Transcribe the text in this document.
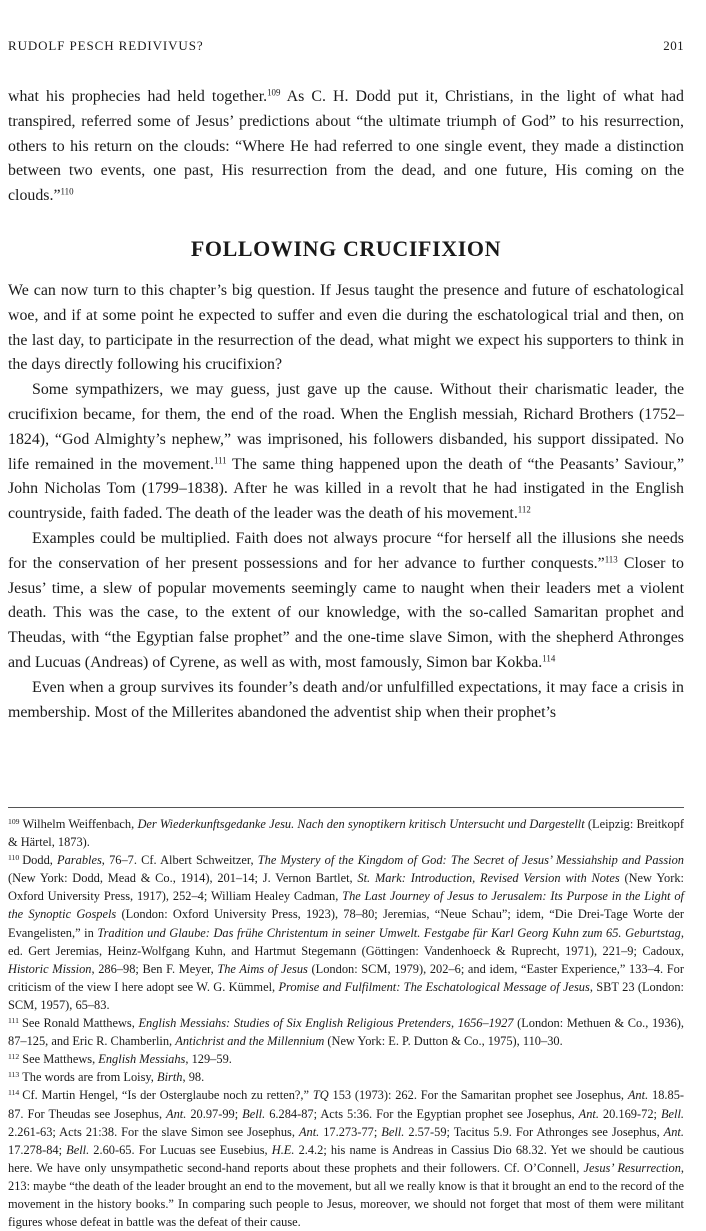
RUDOLF PESCH REDIVIVUS?	201

what his prophecies had held together.$^{109}$ As C. H. Dodd put it, Christians, in the light of what had transpired, referred some of Jesus’ predictions about “the ultimate triumph of God” to his resurrection, others to his return on the clouds: “Where He had referred to one single event, they made a distinction between two events, one past, His resurrection from the dead, and one future, His coming on the clouds.”$^{110}$

FOLLOWING CRUCIFIXION

We can now turn to this chapter’s big question. If Jesus taught the presence and future of eschatological woe, and if at some point he expected to suffer and even die during the eschatological trial and then, on the last day, to participate in the resurrection of the dead, what might we expect his supporters to think in the days directly following his crucifixion?

Some sympathizers, we may guess, just gave up the cause. Without their charismatic leader, the crucifixion became, for them, the end of the road. When the English messiah, Richard Brothers (1752–1824), “God Almighty’s nephew,” was imprisoned, his followers disbanded, his support dissipated. No life remained in the movement.$^{111}$ The same thing happened upon the death of “the Peasants’ Saviour,” John Nicholas Tom (1799–1838). After he was killed in a revolt that he had instigated in the English countryside, faith faded. The death of the leader was the death of his movement.$^{112}$

Examples could be multiplied. Faith does not always procure “for herself all the illusions she needs for the conservation of her present possessions and for her advance to further conquests.”$^{113}$ Closer to Jesus’ time, a slew of popular movements seemingly came to naught when their leaders met a violent death. This was the case, to the extent of our knowledge, with the so-called Samaritan prophet and Theudas, with “the Egyptian false prophet” and the one-time slave Simon, with the shepherd Athronges and Lucuas (Andreas) of Cyrene, as well as with, most famously, Simon bar Kokba.$^{114}$

Even when a group survives its founder’s death and/or unfulfilled expectations, it may face a crisis in membership. Most of the Millerites abandoned the adventist ship when their prophet’s

$^{109}$ Wilhelm Weiffenbach, Der Wiederkunftsgedanke Jesu. Nach den synoptikern kritisch Untersucht und Dargestellt (Leipzig: Breitkopf & Härtel, 1873).

$^{110}$ Dodd, Parables, 76–7. Cf. Albert Schweitzer, The Mystery of the Kingdom of God: The Secret of Jesus’ Messiahship and Passion (New York: Dodd, Mead & Co., 1914), 201–14; J. Vernon Bartlet, St. Mark: Introduction, Revised Version with Notes (New York: Oxford University Press, 1917), 252–4; William Healey Cadman, The Last Journey of Jesus to Jerusalem: Its Purpose in the Light of the Synoptic Gospels (London: Oxford University Press, 1923), 78–80; Jeremias, “Neue Schau”; idem, “Die Drei-Tage Worte der Evangelisten,” in Tradition und Glaube: Das frühe Christentum in seiner Umwelt. Festgabe für Karl Georg Kuhn zum 65. Geburtstag, ed. Gert Jeremias, Heinz-Wolfgang Kuhn, and Hartmut Stegemann (Göttingen: Vandenhoeck & Ruprecht, 1971), 221–9; Cadoux, Historic Mission, 286–98; Ben F. Meyer, The Aims of Jesus (London: SCM, 1979), 202–6; and idem, “Easter Experience,” 133–4. For criticism of the view I here adopt see W. G. Kümmel, Promise and Fulfilment: The Eschatological Message of Jesus, SBT 23 (London: SCM, 1957), 65–83.

$^{111}$ See Ronald Matthews, English Messiahs: Studies of Six English Religious Pretenders, 1656–1927 (London: Methuen & Co., 1936), 87–125, and Eric R. Chamberlin, Antichrist and the Millennium (New York: E. P. Dutton & Co., 1975), 110–30.

$^{112}$ See Matthews, English Messiahs, 129–59.

$^{113}$ The words are from Loisy, Birth, 98.

$^{114}$ Cf. Martin Hengel, “Is der Osterglaube noch zu retten?,” TQ 153 (1973): 262. For the Samaritan prophet see Josephus, Ant. 18.85-87. For Theudas see Josephus, Ant. 20.97-99; Bell. 6.284-87; Acts 5:36. For the Egyptian prophet see Josephus, Ant. 20.169-72; Bell. 2.261-63; Acts 21:38. For the slave Simon see Josephus, Ant. 17.273-77; Bell. 2.57-59; Tacitus 5.9. For Athronges see Josephus, Ant. 17.278-84; Bell. 2.60-65. For Lucuas see Eusebius, H.E. 2.4.2; his name is Andreas in Cassius Dio 68.32. Yet we should be cautious here. We have only unsympathetic second-hand reports about these prophets and their followers. Cf. O’Connell, Jesus’ Resurrection, 213: maybe “the death of the leader brought an end to the movement, but all we really know is that it brought an end to the record of the movement in the history books.” In comparing such people to Jesus, moreover, we should not forget that most of them were militant figures whose defeat in battle was the defeat of their cause.
